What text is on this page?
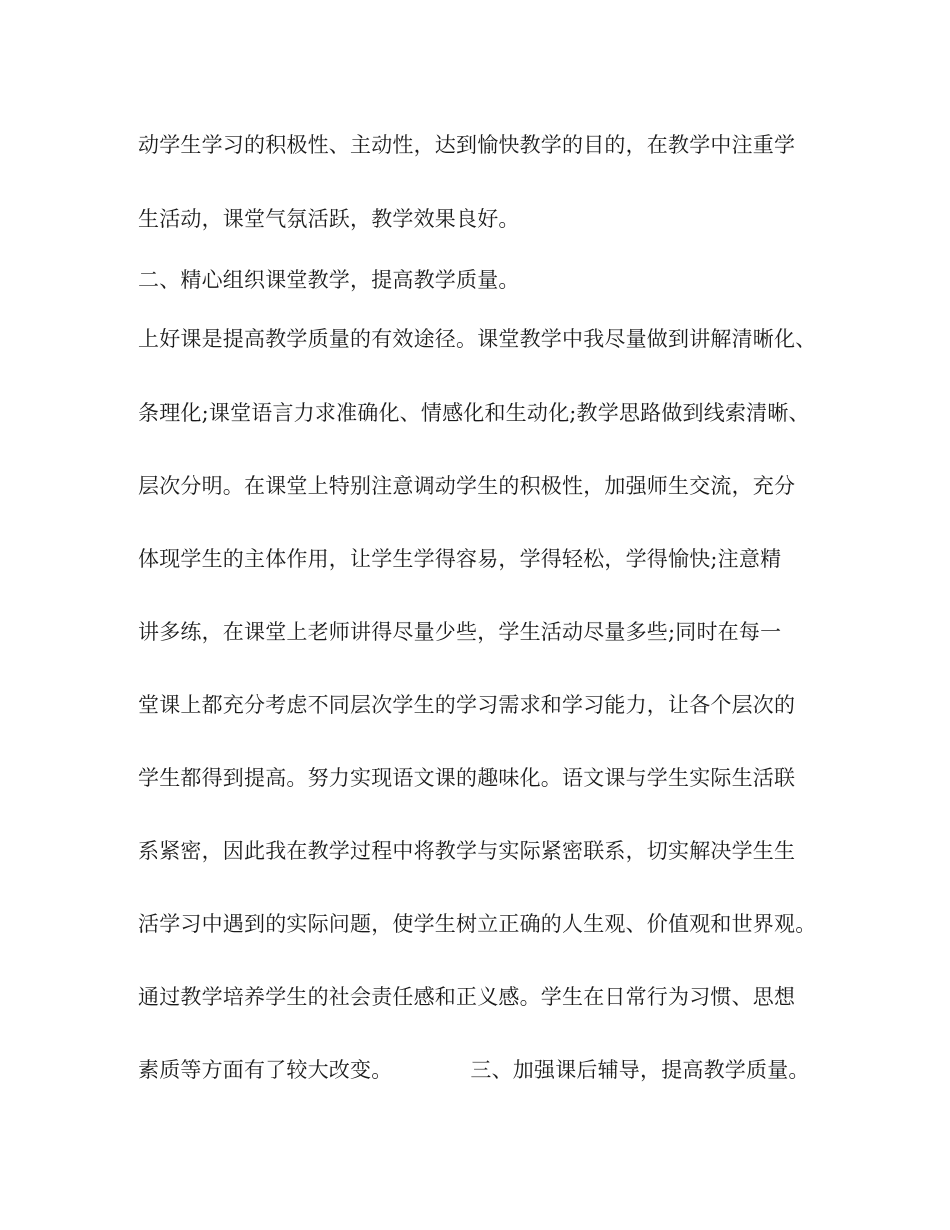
动学生学习的积极性、主动性，达到愉快教学的目的，在教学中注重学
生活动，课堂气氛活跃，教学效果良好。
二、精心组织课堂教学，提高教学质量。
上好课是提高教学质量的有效途径。课堂教学中我尽量做到讲解清晰化、
条理化;课堂语言力求准确化、情感化和生动化;教学思路做到线索清晰、
层次分明。在课堂上特别注意调动学生的积极性，加强师生交流，充分
体现学生的主体作用，让学生学得容易，学得轻松，学得愉快;注意精
讲多练，在课堂上老师讲得尽量少些，学生活动尽量多些;同时在每一
堂课上都充分考虑不同层次学生的学习需求和学习能力，让各个层次的
学生都得到提高。努力实现语文课的趣味化。语文课与学生实际生活联
系紧密，因此我在教学过程中将教学与实际紧密联系，切实解决学生生
活学习中遇到的实际问题，使学生树立正确的人生观、价值观和世界观。
通过教学培养学生的社会责任感和正义感。学生在日常行为习惯、思想
素质等方面有了较大改变。	三、加强课后辅导，提高教学质量。
